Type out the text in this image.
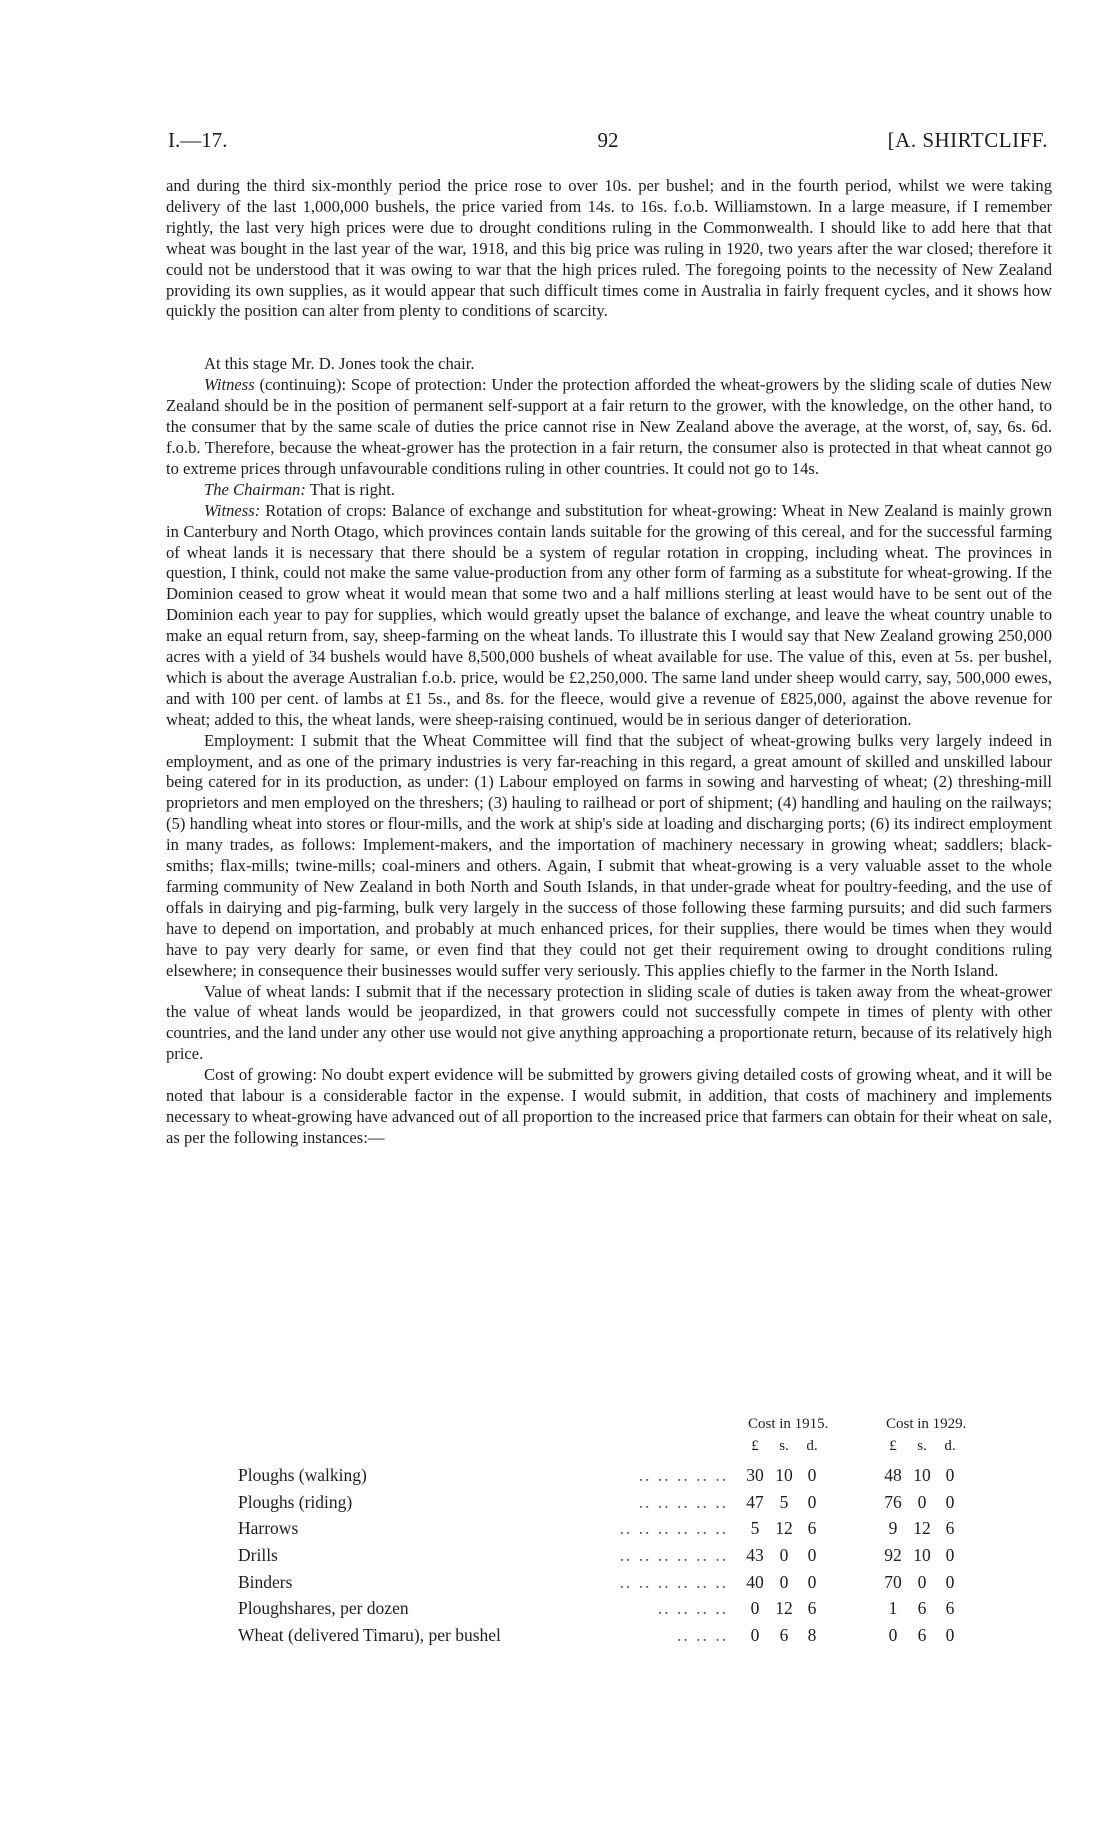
I.—17.	92	[A. SHIRTCLIFF.

and during the third six-monthly period the price rose to over 10s. per bushel; and in the fourth period, whilst we were taking delivery of the last 1,000,000 bushels, the price varied from 14s. to 16s. f.o.b. Williamstown. In a large measure, if I remember rightly, the last very high prices were due to drought conditions ruling in the Commonwealth. I should like to add here that that wheat was bought in the last year of the war, 1918, and this big price was ruling in 1920, two years after the war closed; therefore it could not be understood that it was owing to war that the high prices ruled. The foregoing points to the necessity of New Zealand providing its own supplies, as it would appear that such difficult times come in Australia in fairly frequent cycles, and it shows how quickly the position can alter from plenty to conditions of scarcity.

At this stage Mr. D. Jones took the chair.

Witness (continuing): Scope of protection: Under the protection afforded the wheat-growers by the sliding scale of duties New Zealand should be in the position of permanent self-support at a fair return to the grower, with the knowledge, on the other hand, to the consumer that by the same scale of duties the price cannot rise in New Zealand above the average, at the worst, of, say, 6s. 6d. f.o.b. Therefore, because the wheat-grower has the protection in a fair return, the consumer also is protected in that wheat cannot go to extreme prices through unfavourable conditions ruling in other countries. It could not go to 14s.

The Chairman: That is right.

Witness: Rotation of crops: Balance of exchange and substitution for wheat-growing: Wheat in New Zealand is mainly grown in Canterbury and North Otago, which provinces contain lands suitable for the growing of this cereal, and for the successful farming of wheat lands it is necessary that there should be a system of regular rotation in cropping, including wheat. The provinces in question, I think, could not make the same value-production from any other form of farming as a substitute for wheat-growing. If the Dominion ceased to grow wheat it would mean that some two and a half millions sterling at least would have to be sent out of the Dominion each year to pay for supplies, which would greatly upset the balance of exchange, and leave the wheat country unable to make an equal return from, say, sheep-farming on the wheat lands. To illustrate this I would say that New Zealand growing 250,000 acres with a yield of 34 bushels would have 8,500,000 bushels of wheat available for use. The value of this, even at 5s. per bushel, which is about the average Australian f.o.b. price, would be £2,250,000. The same land under sheep would carry, say, 500,000 ewes, and with 100 per cent. of lambs at £1 5s., and 8s. for the fleece, would give a revenue of £825,000, against the above revenue for wheat; added to this, the wheat lands, were sheep-raising continued, would be in serious danger of deterioration.

Employment: I submit that the Wheat Committee will find that the subject of wheat-growing bulks very largely indeed in employment, and as one of the primary industries is very far-reaching in this regard, a great amount of skilled and unskilled labour being catered for in its production, as under: (1) Labour employed on farms in sowing and harvesting of wheat; (2) threshing-mill proprietors and men employed on the threshers; (3) hauling to railhead or port of shipment; (4) handling and hauling on the railways; (5) handling wheat into stores or flour-mills, and the work at ship's side at loading and discharging ports; (6) its indirect employment in many trades, as follows: Implement-makers, and the importation of machinery necessary in growing wheat; saddlers; black-smiths; flax-mills; twine-mills; coal-miners and others. Again, I submit that wheat-growing is a very valuable asset to the whole farming community of New Zealand in both North and South Islands, in that under-grade wheat for poultry-feeding, and the use of offals in dairying and pig-farming, bulk very largely in the success of those following these farming pursuits; and did such farmers have to depend on importation, and probably at much enhanced prices, for their supplies, there would be times when they would have to pay very dearly for same, or even find that they could not get their requirement owing to drought conditions ruling elsewhere; in consequence their businesses would suffer very seriously. This applies chiefly to the farmer in the North Island.

Value of wheat lands: I submit that if the necessary protection in sliding scale of duties is taken away from the wheat-grower the value of wheat lands would be jeopardized, in that growers could not successfully compete in times of plenty with other countries, and the land under any other use would not give anything approaching a proportionate return, because of its relatively high price.

Cost of growing: No doubt expert evidence will be submitted by growers giving detailed costs of growing wheat, and it will be noted that labour is a considerable factor in the expense. I would submit, in addition, that costs of machinery and implements necessary to wheat-growing have advanced out of all proportion to the increased price that farmers can obtain for their wheat on sale, as per the following instances:—

Cost in 1915.	Cost in 1929.
£	s.	d.	£	s.	d.
Ploughs (walking)	.. .. .. .. ..	30 10 0	48 10 0
Ploughs (riding)	.. .. .. .. ..	47 5	0	76 0	0
Harrows	.. .. .. .. .. ..	5 12 6	9 12 6
Drills	.. .. .. .. .. ..	43 0	0	92 10 0
Binders	.. .. .. .. .. ..	40 0	0	70 0	0
Ploughshares, per dozen	.. .. .. ..	0 12 6	1	6	6
Wheat (delivered Timaru), per bushel	.. .. ..	0	6	8	0	6	0
